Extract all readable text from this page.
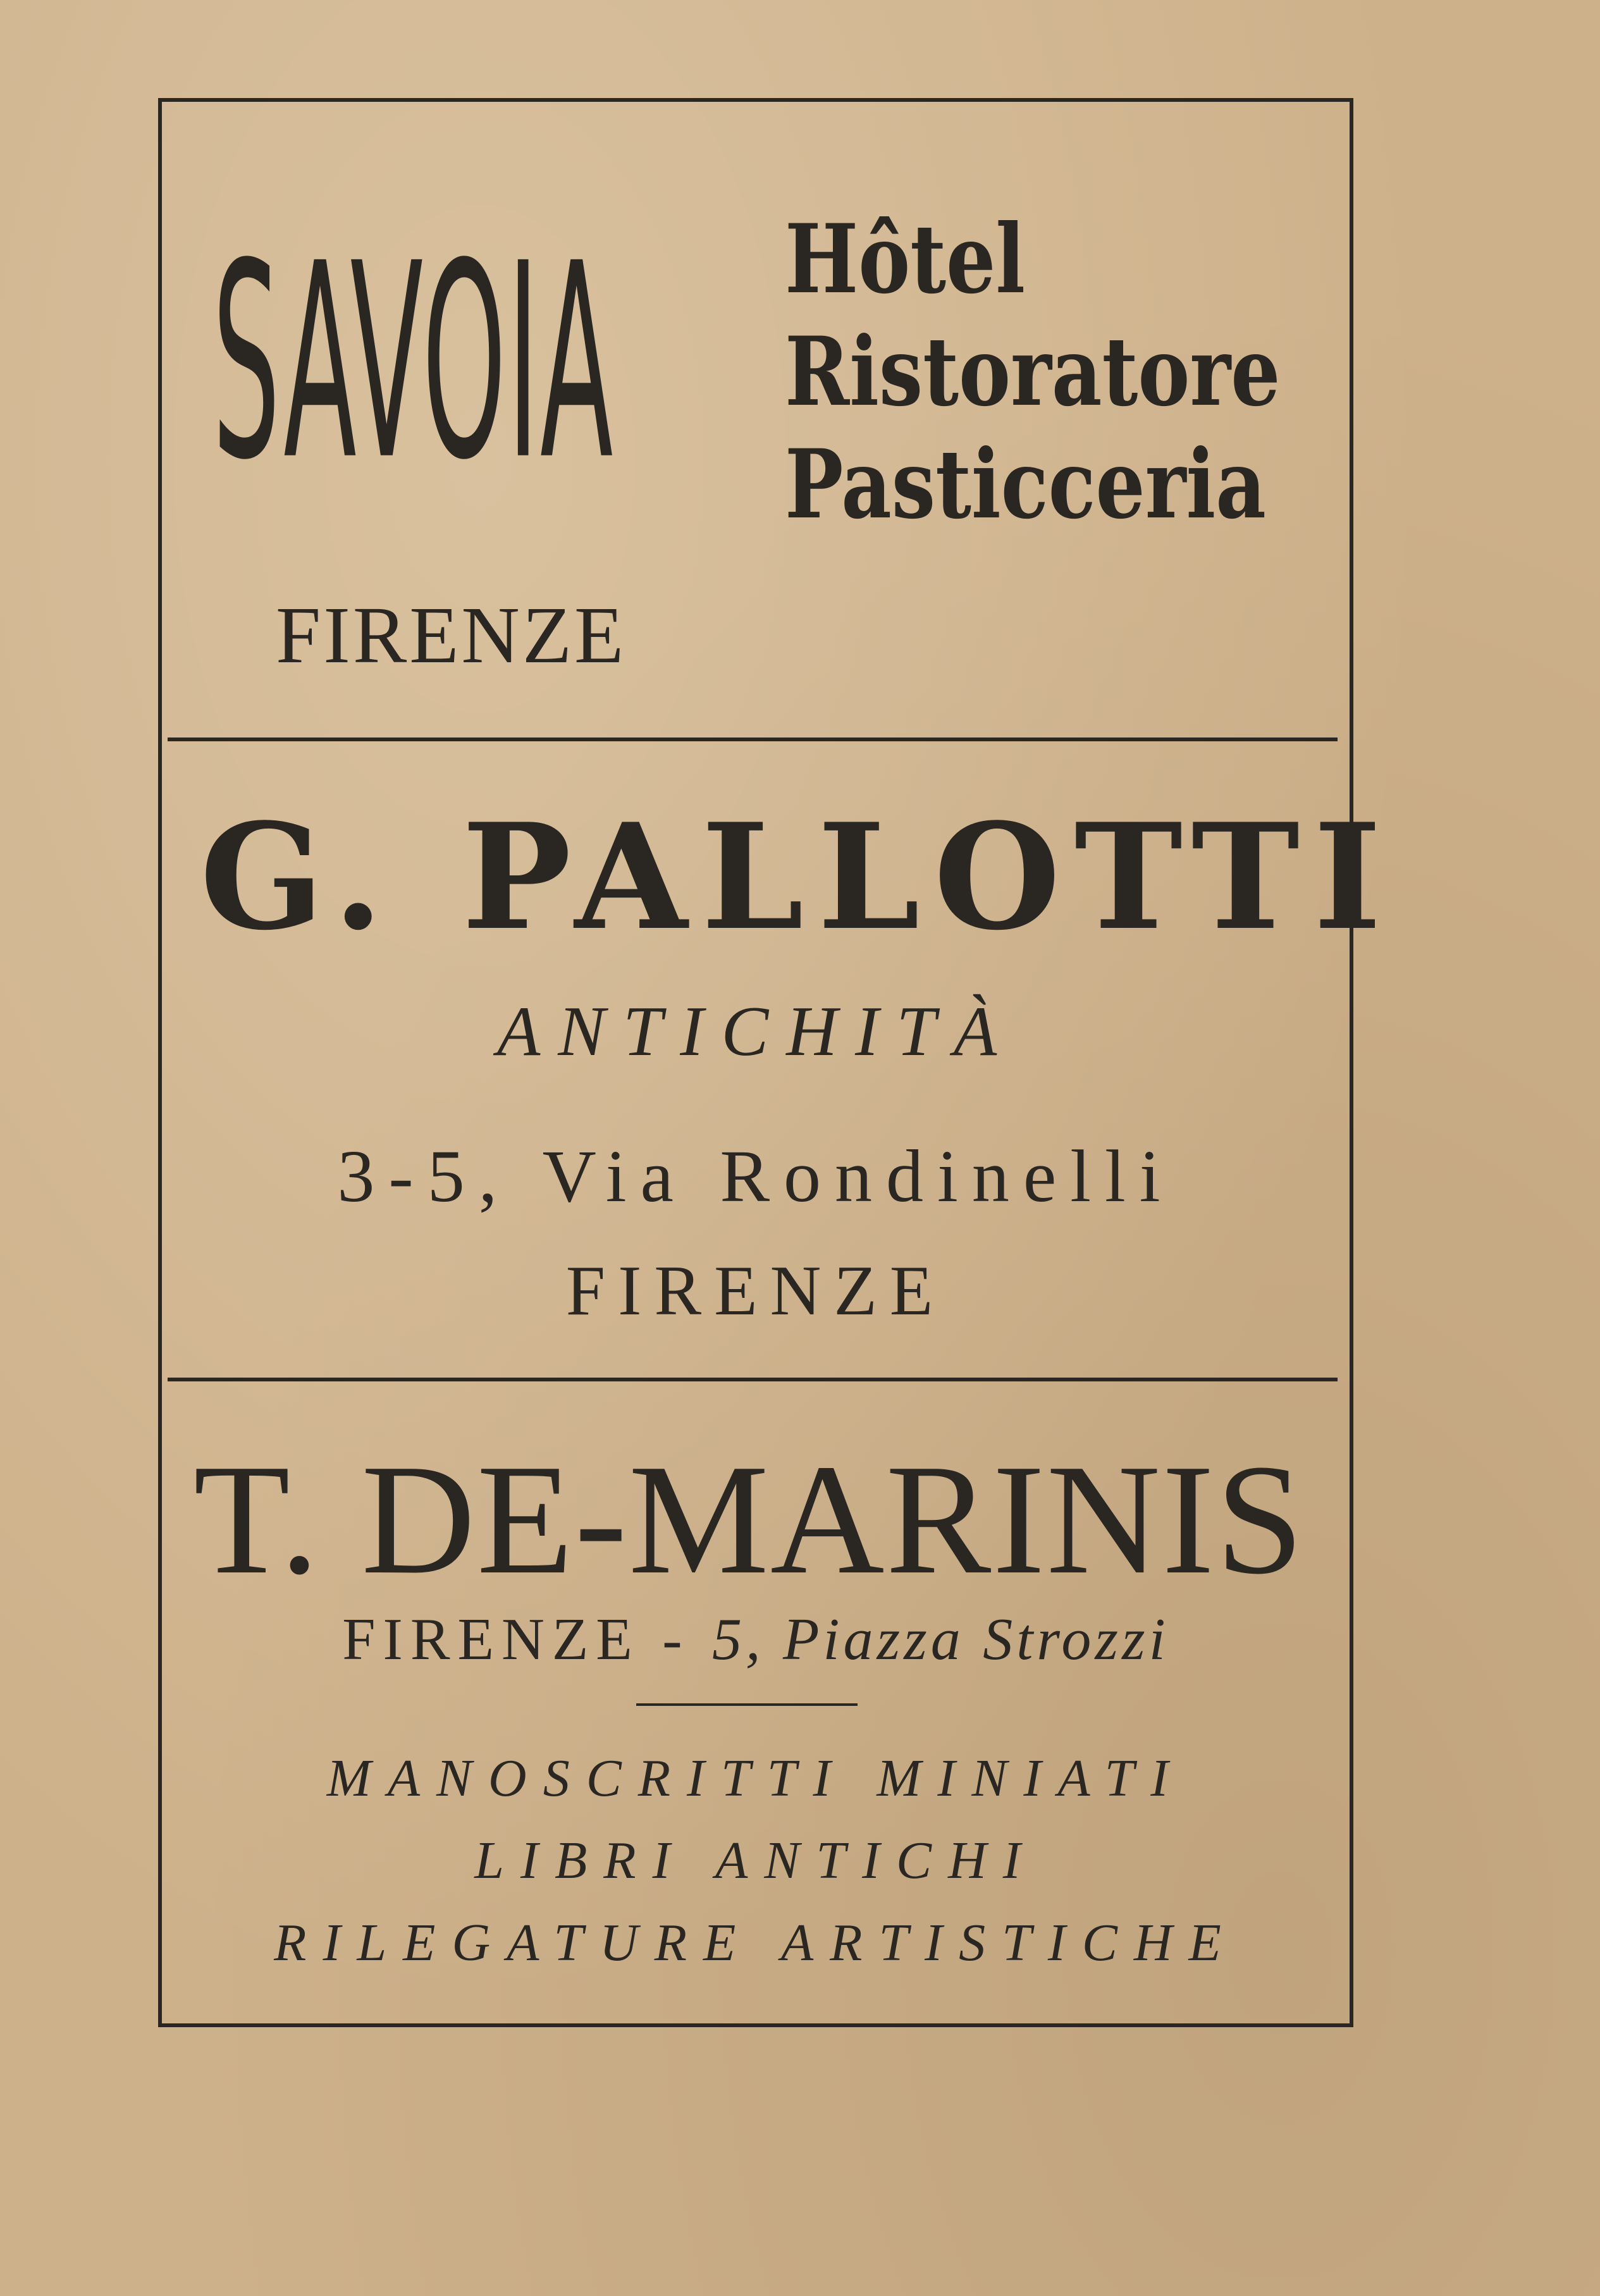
SAVOIA Hôtel
Ristoratore
Pasticceria
FIRENZE
G. PALLOTTI
ANTICHITÀ
3-5, Via Rondinelli
FIRENZE
T. DE-MARINIS
FIRENZE - 5, Piazza Strozzi
MANOSCRITTI MINIATI
LIBRI ANTICHI
RILEGATURE ARTISTICHE
